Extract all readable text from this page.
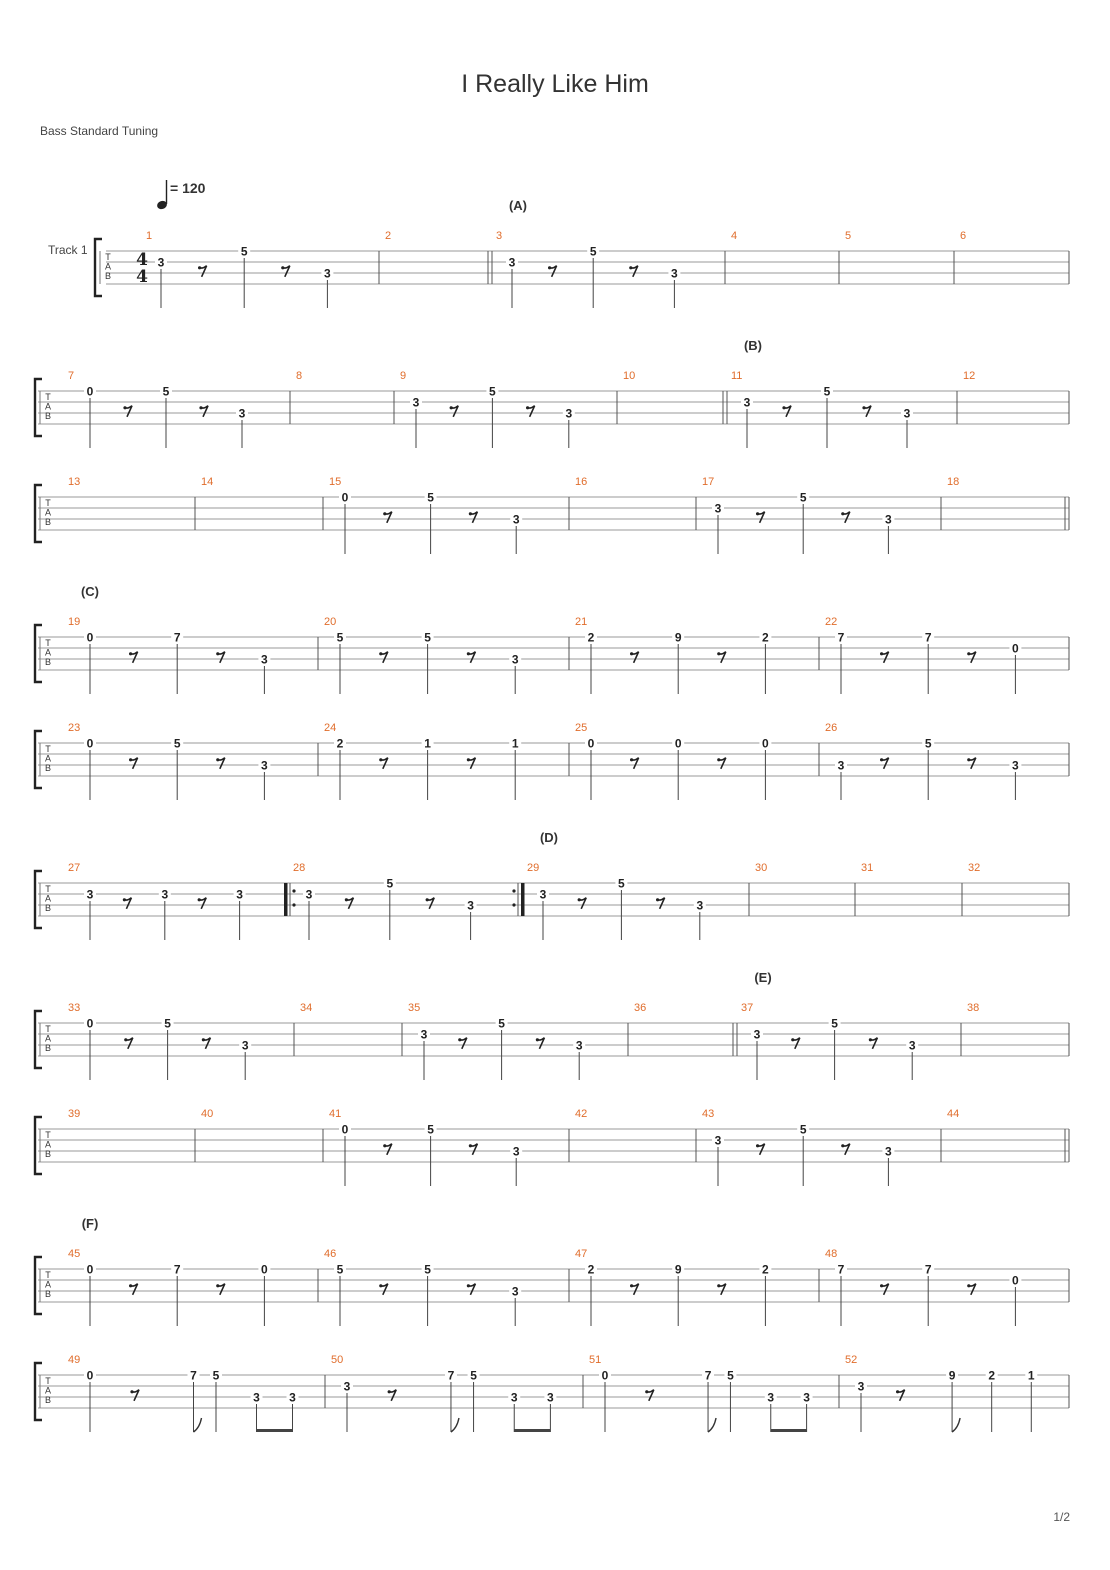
I Really Like Him
Bass Standard Tuning
= 120
T
A
B
Track 1	4
4
1
3
5
3
2	3
(A)
3
5
3
4	5	6
T
A
B
7
0	5
3
8	9
3
5
3
10	11
(B)
3
5
3
12
T
A
B
13	14	15
0	5
3
16	17
3
5
3
18
T
A
B
19
(C)
0	7
3
20
5	5
3
21
2	9	2
22
7	7
0
T
A
B
23
0	5
3
24
2	1	1
25
0	0	0
26
3
5
3
T
A
B
27
3	3	3
28
3
5
3
29
(D)
3
5
3
30	31	32
T
A
B
33
0	5
3
34	35
3
5
3
36	37
(E)
3
5
3
38
T
A
B
39	40	41
0	5
3
42	43
3
5
3
44
T
A
B
45
(F)
0	7	0
46
5	5
3
47
2	9	2
48
7	7
0
T
A
B
49
0	7 5
3 3
50
3
7 5
3 3
51
0	7 5
3 3
52
3
9	2	1
1/2
